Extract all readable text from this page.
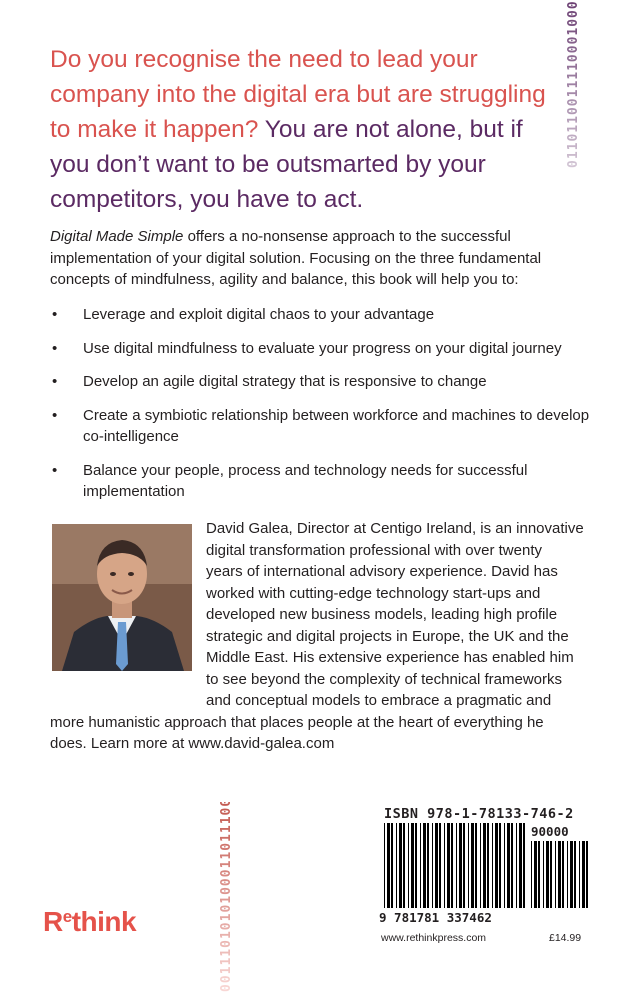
Do you recognise the need to lead your company into the digital era but are struggling to make it happen? You are not alone, but if you don’t want to be outsmarted by your competitors, you have to act.
0110110011110001000

Digital Made Simple offers a no-nonsense approach to the successful implementation of your digital solution. Focusing on the three fundamental concepts of mindfulness, agility and balance, this book will help you to:

• Leverage and exploit digital chaos to your advantage
• Use digital mindfulness to evaluate your progress on your digital journey
• Develop an agile digital strategy that is responsive to change
• Create a symbiotic relationship between workforce and machines to develop co-intelligence
• Balance your people, process and technology needs for successful implementation
David Galea, Director at Centigo Ireland, is an innovative
digital transformation professional with over twenty
years of international advisory experience. David has
worked with cutting-edge technology start-ups and
developed new business models, leading high profile
strategic and digital projects in Europe, the UK and the
Middle East. His extensive experience has enabled him
to see beyond the complexity of technical frameworks
and conceptual models to embrace a pragmatic and
more humanistic approach that places people at the heart of everything he
does. Learn more at www.david-galea.com
0011101010100011011100
$R^ethink$
ISBN 978-1-78133-746-2
90000
9 781781 337462
www.rethinkpress.com	£14.99
